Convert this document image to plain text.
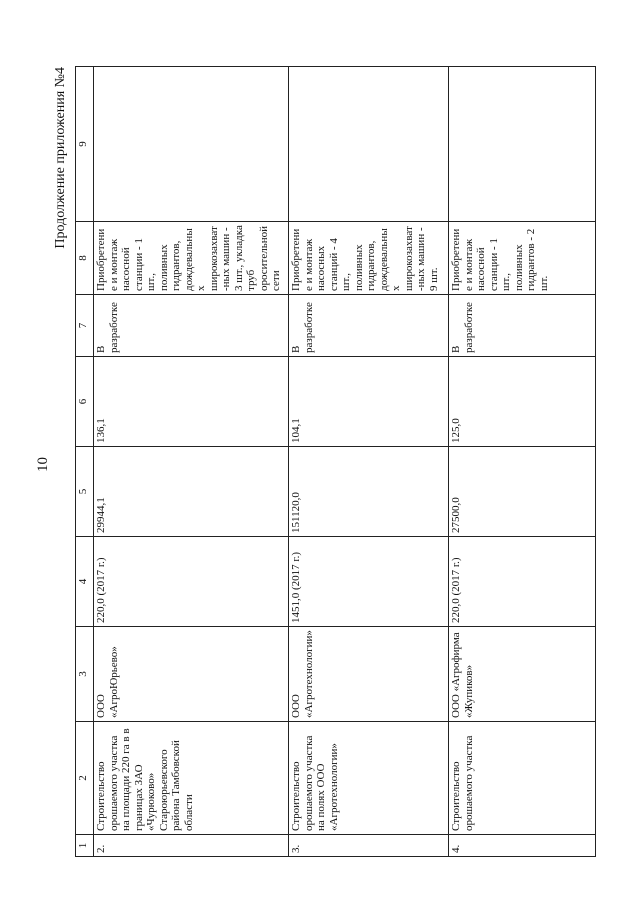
10
Продолжение приложения №4
1	2	3	4	5	6	7	8	9
2.	Строительство орошаемого участка на площади 220 га в в границах ЗАО «Чурюково» Староюрьевского района Тамбовской области	ООО «АгроЮрьево»	220,0 (2017 г.)	29944,1	136,1	В разработке	Приобретение и монтаж насосной станции - 1 шт., поливных гидрантов, дождевальных широкозахват-ных машин - 3 шт., укладка труб оросительной сети	
3.	Строительство орошаемого участка на полях ООО «Агротехнологии»	ООО «Агротехнологии»	1451,0 (2017 г.)	151120,0	104,1	В разработке	Приобретение и монтаж насосных станций - 4 шт., поливных гидрантов, дождевальных широкозахват-ных машин - 9 шт.	
4.	Строительство орошаемого участка	ООО «Агрофирма «Жупиков»	220,0 (2017 г.)	27500,0	125,0	В разработке	Приобретение и монтаж насосной станции - 1 шт., поливных гидрантов - 2 шт.	
